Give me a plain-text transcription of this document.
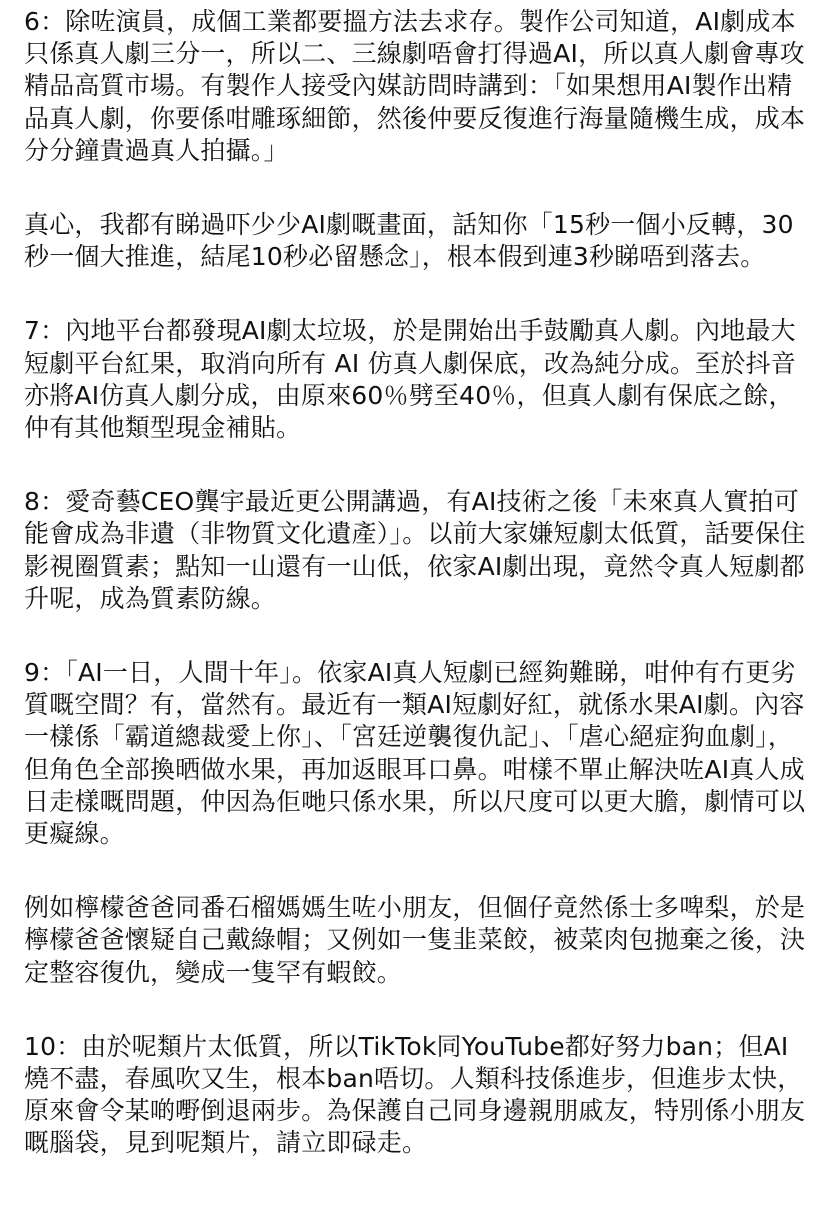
6：除咗演員，成個工業都要搵方法去求存。製作公司知道，AI劇成本只係真人劇三分一，所以二、三線劇唔會打得過AI，所以真人劇會專攻精品高質市場。有製作人接受內媒訪問時講到：「如果想用AI製作出精品真人劇，你要係咁雕琢細節，然後仲要反復進行海量隨機生成，成本分分鐘貴過真人拍攝。」

真心，我都有睇過吓少少AI劇嘅畫面，話知你「15秒一個小反轉，30秒一個大推進，結尾10秒必留懸念」，根本假到連3秒睇唔到落去。

7：內地平台都發現AI劇太垃圾，於是開始出手鼓勵真人劇。內地最大短劇平台紅果，取消向所有 AI 仿真人劇保底，改為純分成。至於抖音亦將AI仿真人劇分成，由原來60％劈至40％，但真人劇有保底之餘，仲有其他類型現金補貼。

8：愛奇藝CEO龔宇最近更公開講過，有AI技術之後「未來真人實拍可能會成為非遺（非物質文化遺產）」。以前大家嫌短劇太低質，話要保住影視圈質素；點知一山還有一山低，依家AI劇出現，竟然令真人短劇都升呢，成為質素防線。

9：「AI一日，人間十年」。依家AI真人短劇已經夠難睇，咁仲有冇更劣質嘅空間？有，當然有。最近有一類AI短劇好紅，就係水果AI劇。內容一樣係「霸道總裁愛上你」、「宮廷逆襲復仇記」、「虐心絕症狗血劇」，但角色全部換晒做水果，再加返眼耳口鼻。咁樣不單止解決咗AI真人成日走樣嘅問題，仲因為佢哋只係水果，所以尺度可以更大膽，劇情可以更癡線。

例如檸檬爸爸同番石榴媽媽生咗小朋友，但個仔竟然係士多啤梨，於是檸檬爸爸懷疑自己戴綠帽；又例如一隻韭菜餃，被菜肉包拋棄之後，決定整容復仇，變成一隻罕有蝦餃。

10：由於呢類片太低質，所以TikTok同YouTube都好努力ban；但AI燒不盡，春風吹又生，根本ban唔切。人類科技係進步，但進步太快，原來會令某啲嘢倒退兩步。為保護自己同身邊親朋戚友，特別係小朋友嘅腦袋，見到呢類片，請立即碌走。
